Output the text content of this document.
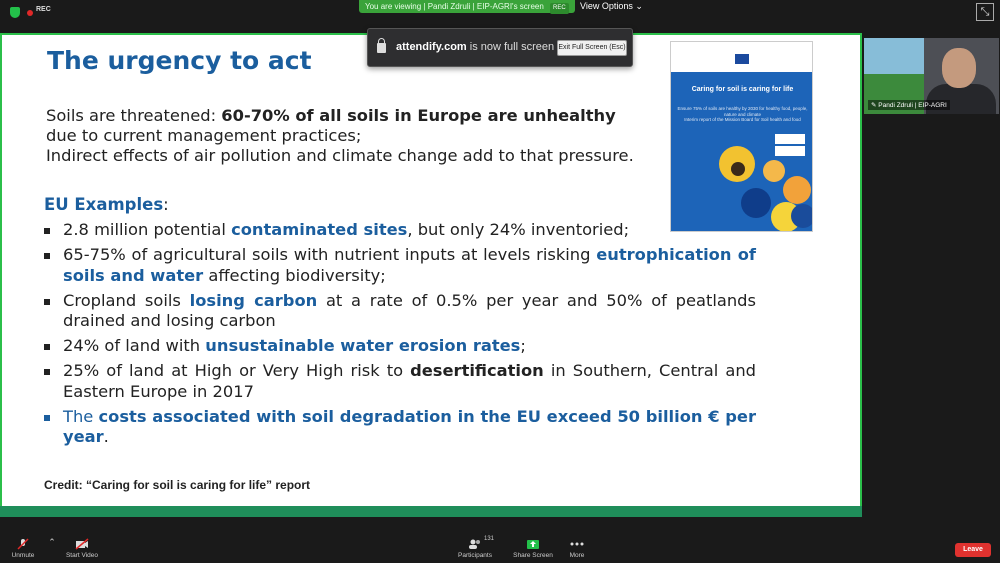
REC	You are viewing | Pandi Zdruli | EIP-AGRI's screen REC	View Options ⌄	⤡
The urgency to act
Soils are threatened: 60-70% of all soils in Europe are unhealthy
due to current management practices;
Indirect effects of air pollution and climate change add to that pressure.
EU Examples:
2.8 million potential contaminated sites, but only 24% inventoried;
65-75% of agricultural soils with nutrient inputs at levels risking eutrophication of soils and water affecting biodiversity;
Cropland soils losing carbon at a rate of 0.5% per year and 50% of peatlands drained and losing carbon
24% of land with unsustainable water erosion rates;
25% of land at High or Very High risk to desertification in Southern, Central and Eastern Europe in 2017
The costs associated with soil degradation in the EU exceed 50 billion € per year.
Credit: “Caring for soil is caring for life” report
Caring for soil is caring for life
Ensure 75% of soils are healthy by 2030 for healthy food, people, nature and climate
Interim report of the Mission Board for Soil health and food
attendify.com is now full screen Exit Full Screen (Esc)
✎ Pandi Zdruli | EIP-AGRI
Unmute
⌃
Start Video	Participants
131
Share Screen	More
Leave
